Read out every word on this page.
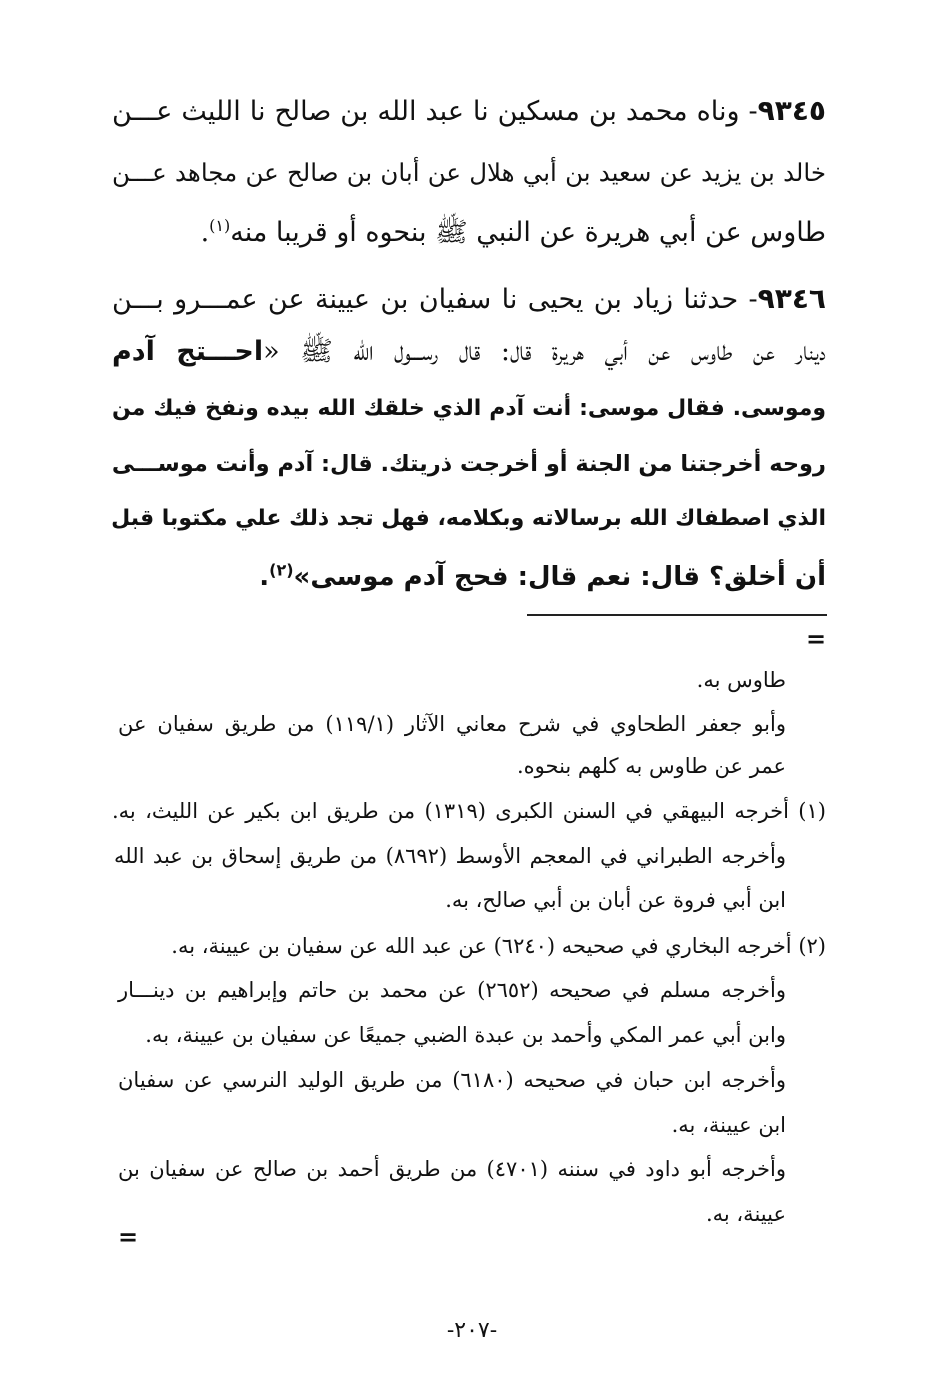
٩٣٤٥- وناه محمد بن مسكين نا عبد الله بن صالح نا الليث عـــن
خالد بن يزيد عن سعيد بن أبي هلال عن أبان بن صالح عن مجاهد عـــن
طاوس عن أبي هريرة عن النبي ﷺ بنحوه أو قريبا منه$^{(١)}$.
٩٣٤٦- حدثنا زياد بن يحيى نا سفيان بن عيينة عن عمـــرو بـــن
دينار عن طاوس عن أبي هريرة قال: قال رســـول الله ﷺ «احـــتج آدم
وموسى. فقال موسى: أنت آدم الذي خلقك الله بيده ونفخ فيك من
روحه أخرجتنا من الجنة أو أخرجت ذريتك. قال: آدم وأنت موســـى
الذي اصطفاك الله برسالاته وبكلامه، فهل تجد ذلك علي مكتوبا قبل
أن أخلق؟ قال: نعم قال: فحج آدم موسى»$^{(٢)}$.
=
طاوس به.
وأبو جعفر الطحاوي في شرح معاني الآثار (١١٩/١) من طريق سفيان عن
عمر عن طاوس به كلهم بنحوه.
(١) أخرجه البيهقي في السنن الكبرى (١٣١٩) من طريق ابن بكير عن الليث، به.
وأخرجه الطبراني في المعجم الأوسط (٨٦٩٢) من طريق إسحاق بن عبد الله
ابن أبي فروة عن أبان بن أبي صالح، به.
(٢) أخرجه البخاري في صحيحه (٦٢٤٠) عن عبد الله عن سفيان بن عيينة، به.
وأخرجه مسلم في صحيحه (٢٦٥٢) عن محمد بن حاتم وإبراهيم بن دينـــار
وابن أبي عمر المكي وأحمد بن عبدة الضبي جميعًا عن سفيان بن عيينة، به.
وأخرجه ابن حبان في صحيحه (٦١٨٠) من طريق الوليد النرسي عن سفيان
ابن عيينة، به.
وأخرجه أبو داود في سننه (٤٧٠١) من طريق أحمد بن صالح عن سفيان بن
عيينة، به.
=
-٢٠٧-
